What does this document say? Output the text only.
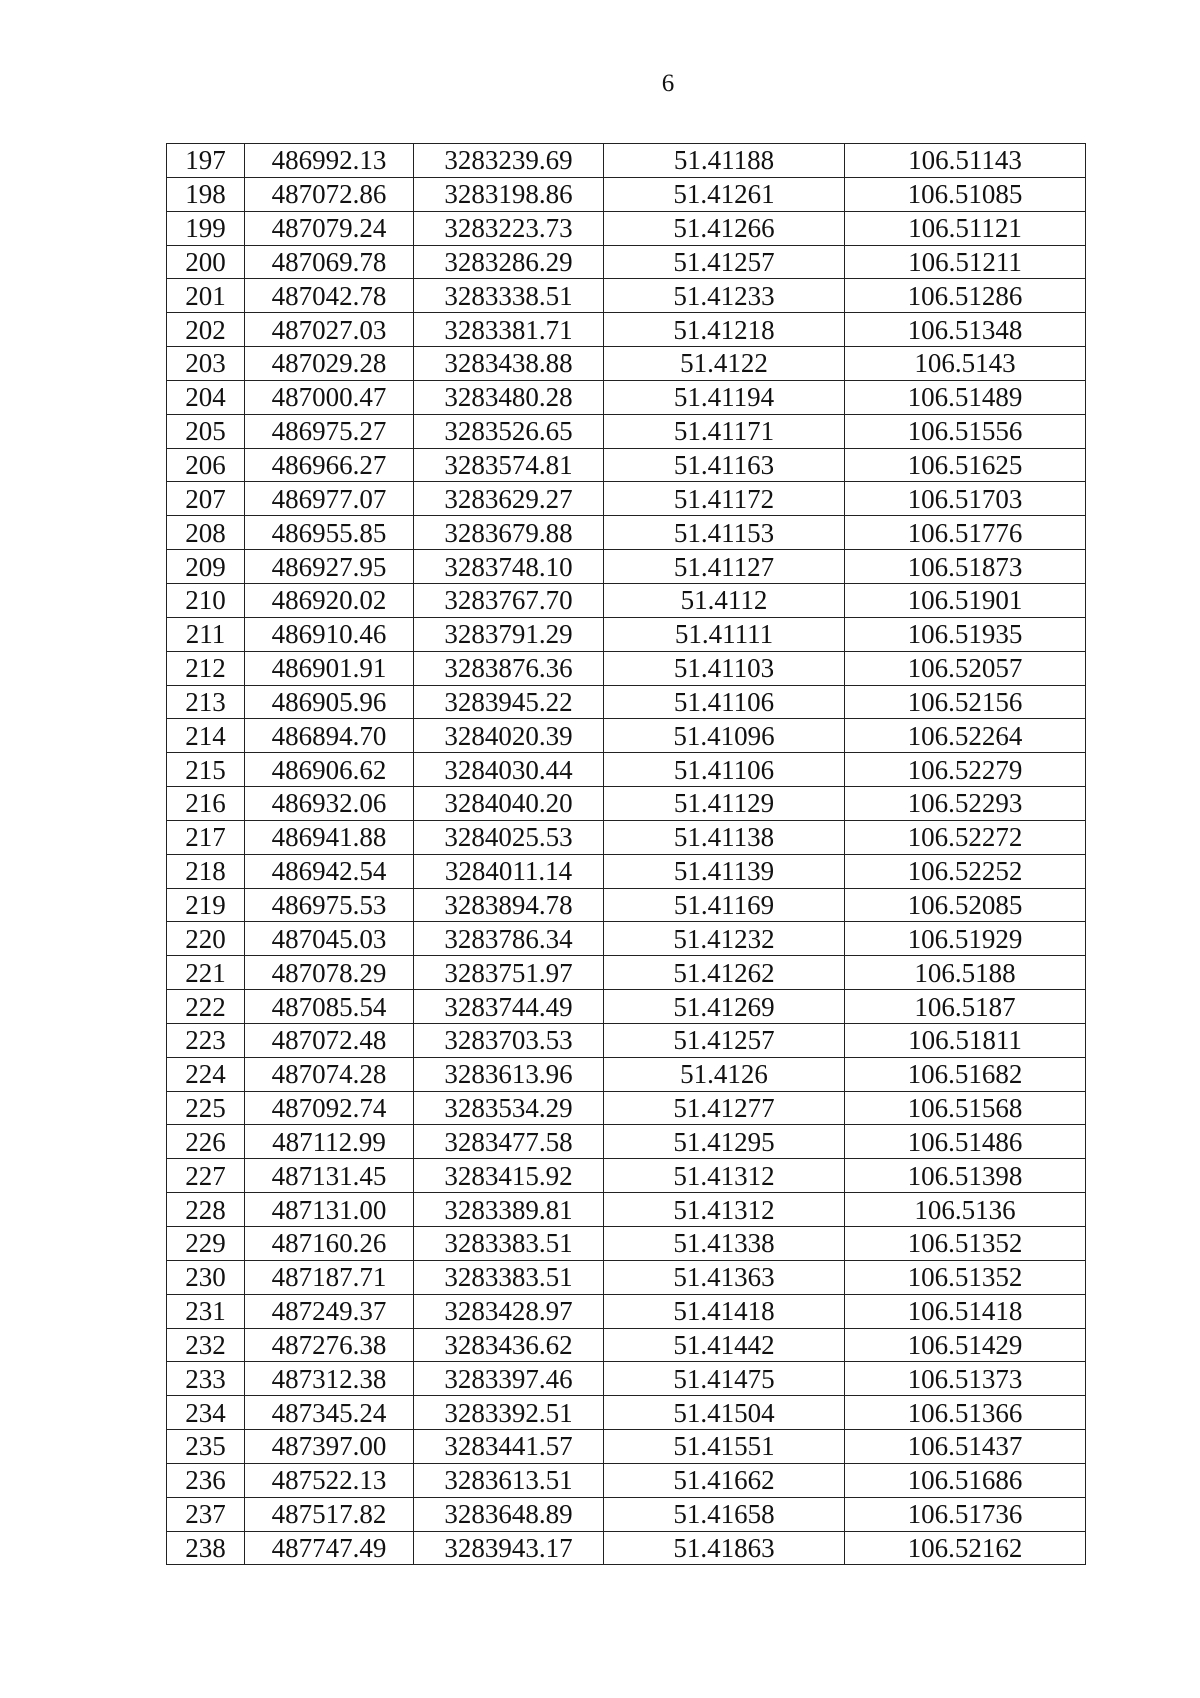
6
197	486992.13	3283239.69	51.41188	106.51143
198	487072.86	3283198.86	51.41261	106.51085
199	487079.24	3283223.73	51.41266	106.51121
200	487069.78	3283286.29	51.41257	106.51211
201	487042.78	3283338.51	51.41233	106.51286
202	487027.03	3283381.71	51.41218	106.51348
203	487029.28	3283438.88	51.4122	106.5143
204	487000.47	3283480.28	51.41194	106.51489
205	486975.27	3283526.65	51.41171	106.51556
206	486966.27	3283574.81	51.41163	106.51625
207	486977.07	3283629.27	51.41172	106.51703
208	486955.85	3283679.88	51.41153	106.51776
209	486927.95	3283748.10	51.41127	106.51873
210	486920.02	3283767.70	51.4112	106.51901
211	486910.46	3283791.29	51.41111	106.51935
212	486901.91	3283876.36	51.41103	106.52057
213	486905.96	3283945.22	51.41106	106.52156
214	486894.70	3284020.39	51.41096	106.52264
215	486906.62	3284030.44	51.41106	106.52279
216	486932.06	3284040.20	51.41129	106.52293
217	486941.88	3284025.53	51.41138	106.52272
218	486942.54	3284011.14	51.41139	106.52252
219	486975.53	3283894.78	51.41169	106.52085
220	487045.03	3283786.34	51.41232	106.51929
221	487078.29	3283751.97	51.41262	106.5188
222	487085.54	3283744.49	51.41269	106.5187
223	487072.48	3283703.53	51.41257	106.51811
224	487074.28	3283613.96	51.4126	106.51682
225	487092.74	3283534.29	51.41277	106.51568
226	487112.99	3283477.58	51.41295	106.51486
227	487131.45	3283415.92	51.41312	106.51398
228	487131.00	3283389.81	51.41312	106.5136
229	487160.26	3283383.51	51.41338	106.51352
230	487187.71	3283383.51	51.41363	106.51352
231	487249.37	3283428.97	51.41418	106.51418
232	487276.38	3283436.62	51.41442	106.51429
233	487312.38	3283397.46	51.41475	106.51373
234	487345.24	3283392.51	51.41504	106.51366
235	487397.00	3283441.57	51.41551	106.51437
236	487522.13	3283613.51	51.41662	106.51686
237	487517.82	3283648.89	51.41658	106.51736
238	487747.49	3283943.17	51.41863	106.52162
